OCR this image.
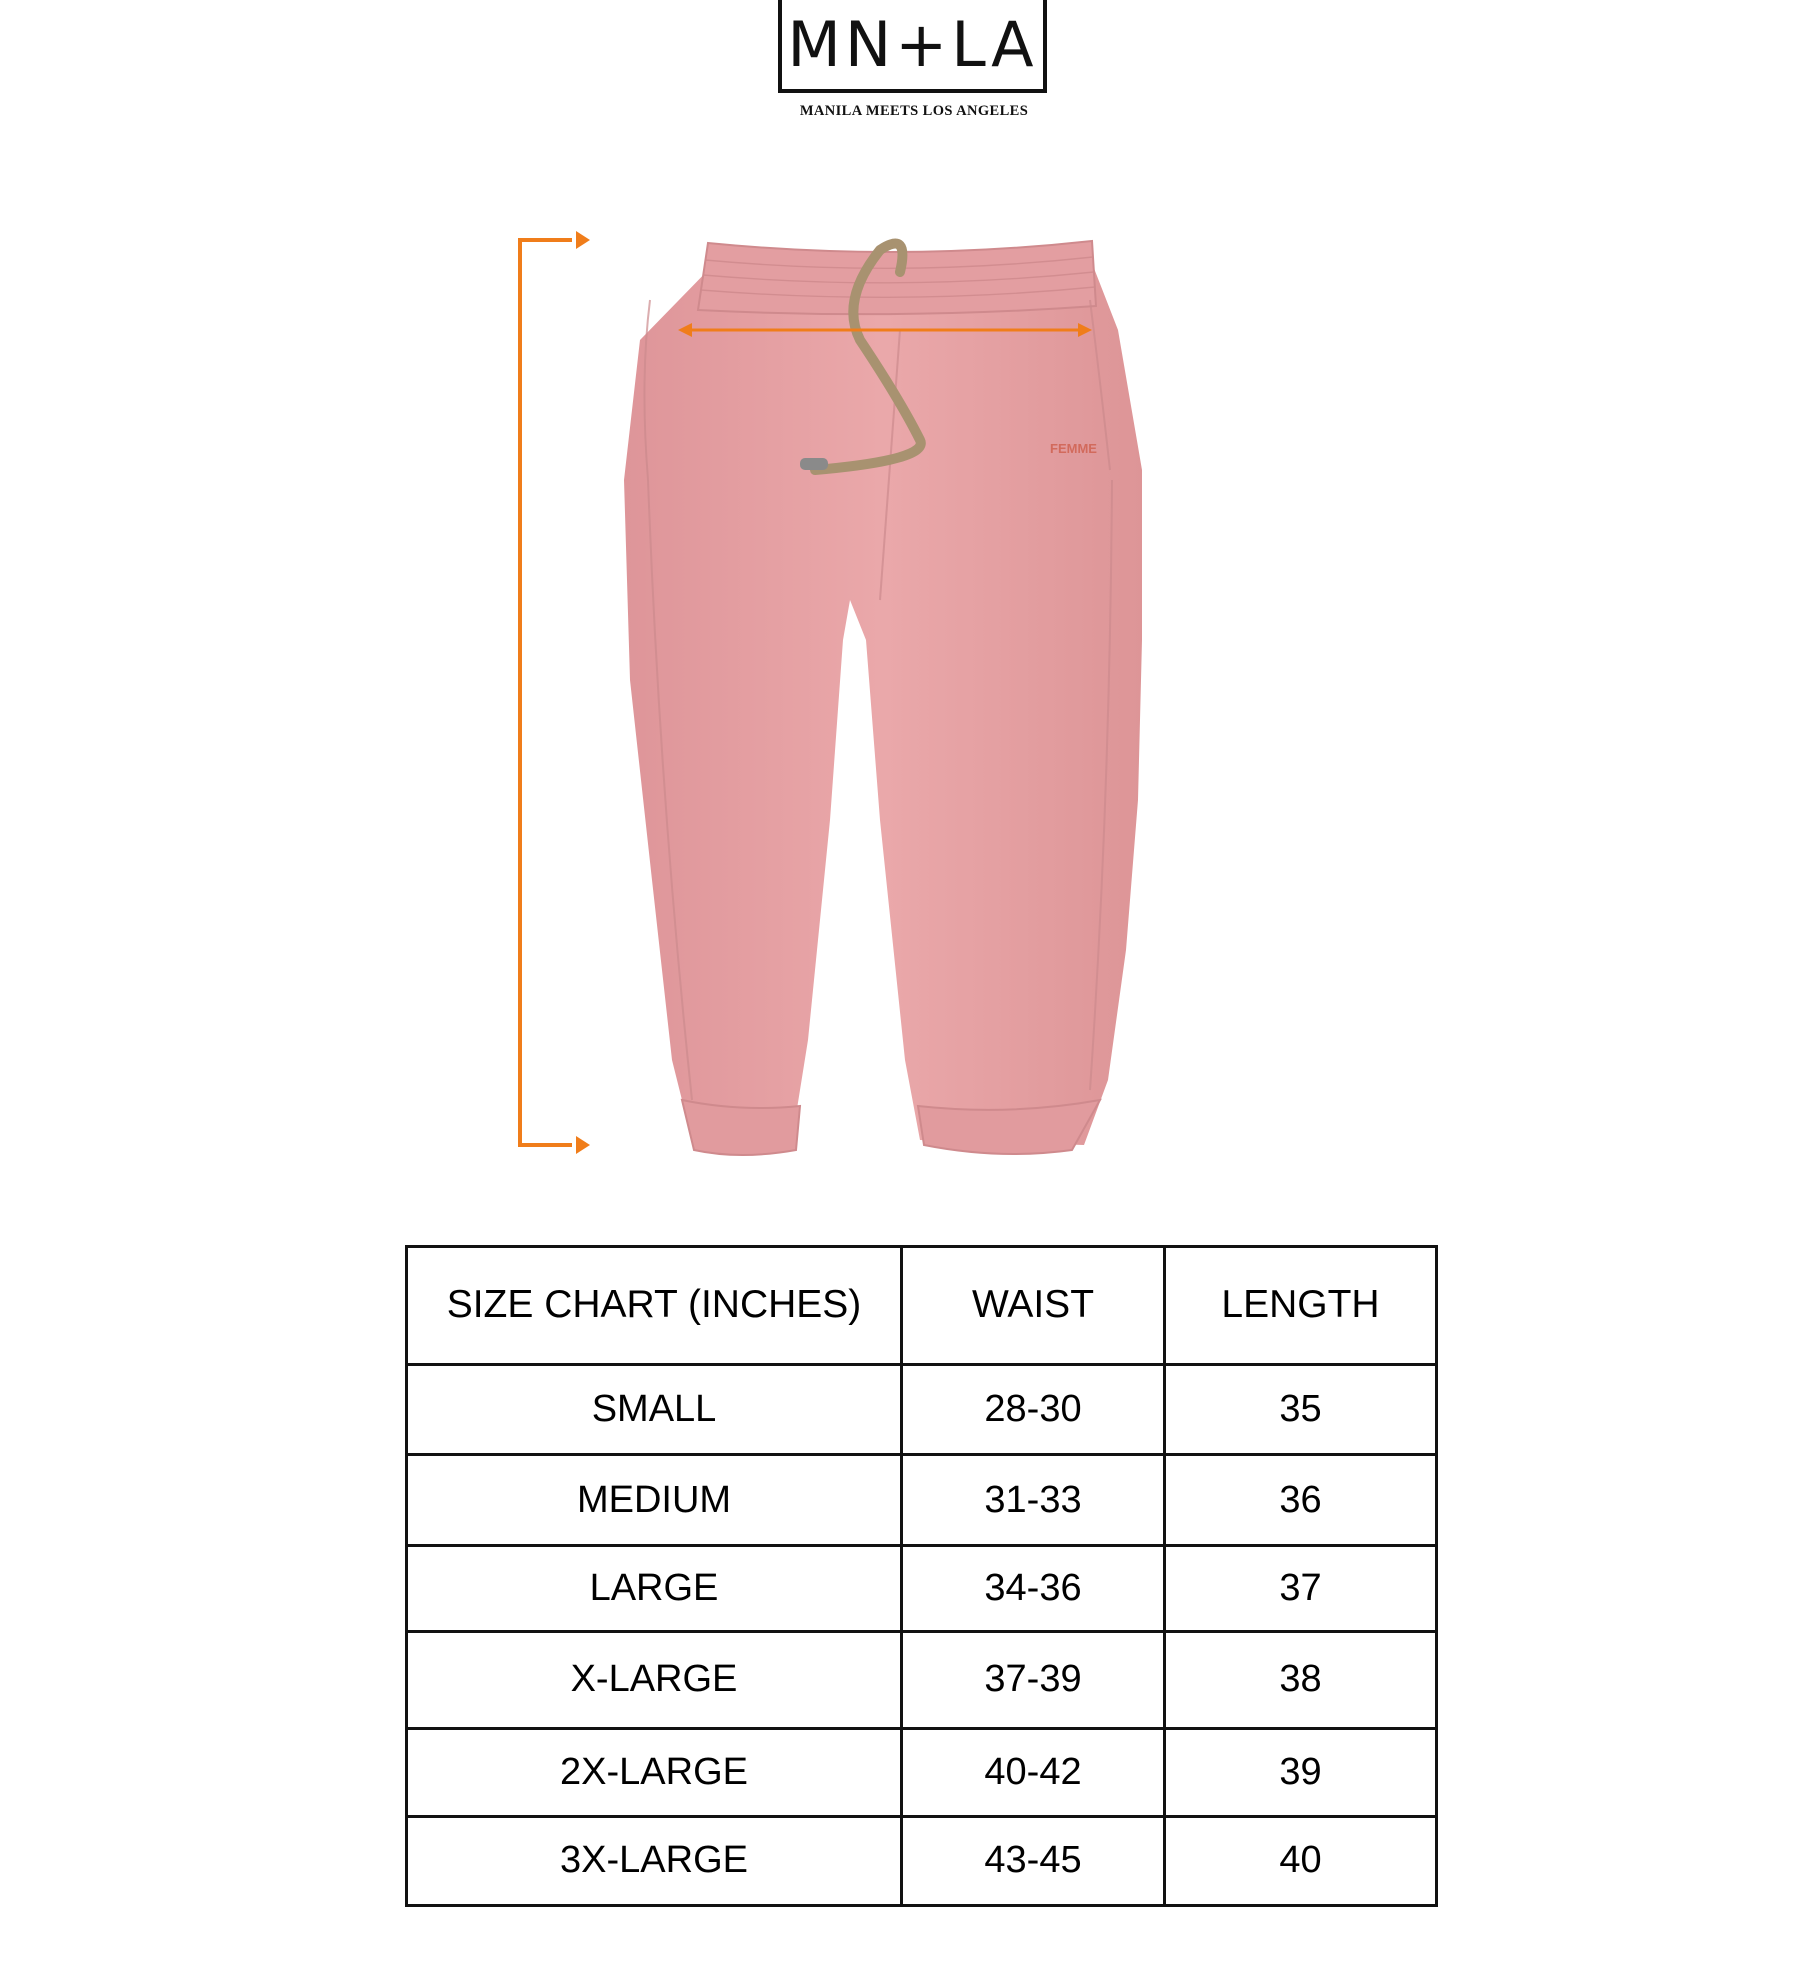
MN+LA
MANILA MEETS LOS ANGELES
FEMME
SIZE CHART (INCHES)	WAIST	LENGTH
SMALL	28-30	35
MEDIUM	31-33	36
LARGE	34-36	37
X-LARGE	37-39	38
2X-LARGE	40-42	39
3X-LARGE	43-45	40
